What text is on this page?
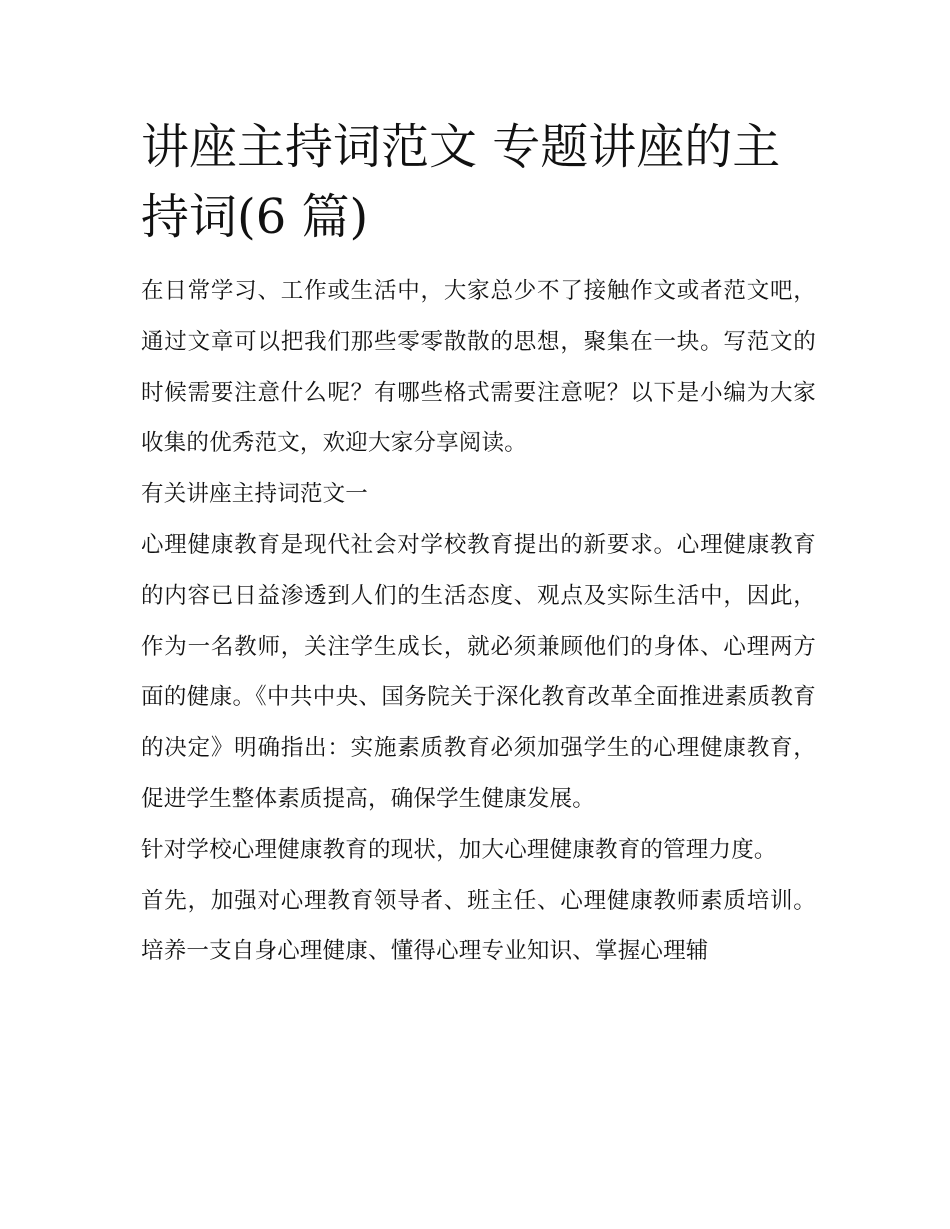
讲座主持词范文 专题讲座的主
持词(6 篇)

在日常学习、工作或生活中，大家总少不了接触作文或者范文吧，通过文章可以把我们那些零零散散的思想，聚集在一块。写范文的时候需要注意什么呢？有哪些格式需要注意呢？以下是小编为大家收集的优秀范文，欢迎大家分享阅读。

有关讲座主持词范文一

心理健康教育是现代社会对学校教育提出的新要求。心理健康教育的内容已日益渗透到人们的生活态度、观点及实际生活中，因此，作为一名教师，关注学生成长，就必须兼顾他们的身体、心理两方面的健康。《中共中央、国务院关于深化教育改革全面推进素质教育的决定》明确指出：实施素质教育必须加强学生的心理健康教育，促进学生整体素质提高，确保学生健康发展。

针对学校心理健康教育的现状，加大心理健康教育的管理力度。

首先，加强对心理教育领导者、班主任、心理健康教师素质培训。培养一支自身心理健康、懂得心理专业知识、掌握心理辅
